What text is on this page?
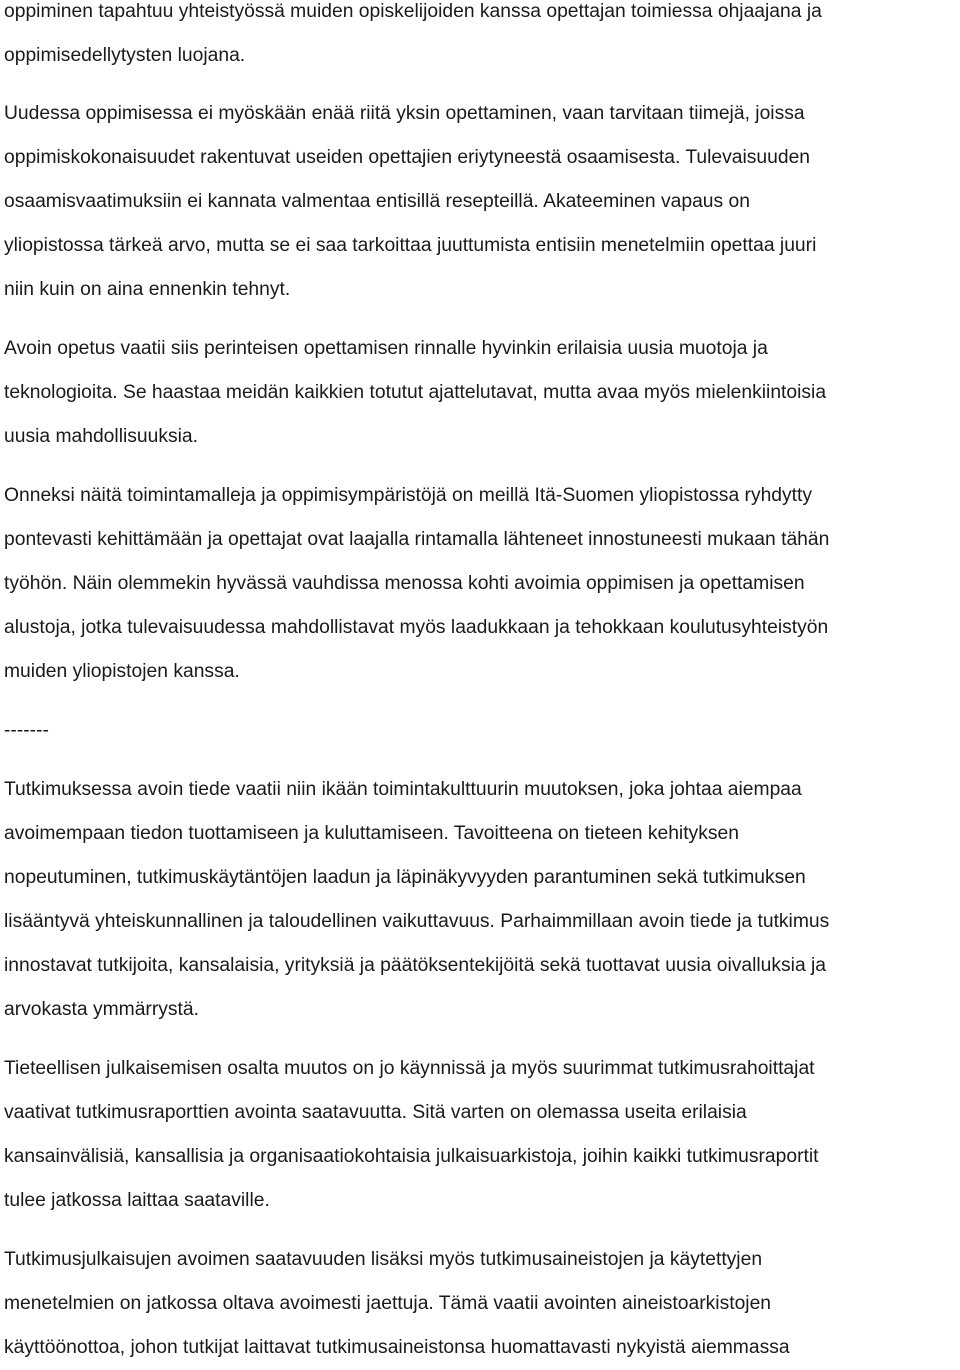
oppiminen tapahtuu yhteistyössä muiden opiskelijoiden kanssa opettajan toimiessa ohjaajana ja
oppimisedellytysten luojana.

Uudessa oppimisessa ei myöskään enää riitä yksin opettaminen, vaan tarvitaan tiimejä, joissa
oppimiskokonaisuudet rakentuvat useiden opettajien eriytyneestä osaamisesta. Tulevaisuuden
osaamisvaatimuksiin ei kannata valmentaa entisillä resepteillä. Akateeminen vapaus on
yliopistossa tärkeä arvo, mutta se ei saa tarkoittaa juuttumista entisiin menetelmiin opettaa juuri
niin kuin on aina ennenkin tehnyt.

Avoin opetus vaatii siis perinteisen opettamisen rinnalle hyvinkin erilaisia uusia muotoja ja
teknologioita. Se haastaa meidän kaikkien totutut ajattelutavat, mutta avaa myös mielenkiintoisia
uusia mahdollisuuksia.

Onneksi näitä toimintamalleja ja oppimisympäristöjä on meillä Itä-Suomen yliopistossa ryhdytty
pontevasti kehittämään ja opettajat ovat laajalla rintamalla lähteneet innostuneesti mukaan tähän
työhön. Näin olemmekin hyvässä vauhdissa menossa kohti avoimia oppimisen ja opettamisen
alustoja, jotka tulevaisuudessa mahdollistavat myös laadukkaan ja tehokkaan koulutusyhteistyön
muiden yliopistojen kanssa.

-------

Tutkimuksessa avoin tiede vaatii niin ikään toimintakulttuurin muutoksen, joka johtaa aiempaa
avoimempaan tiedon tuottamiseen ja kuluttamiseen. Tavoitteena on tieteen kehityksen
nopeutuminen, tutkimuskäytäntöjen laadun ja läpinäkyvyyden parantuminen sekä tutkimuksen
lisääntyvä yhteiskunnallinen ja taloudellinen vaikuttavuus. Parhaimmillaan avoin tiede ja tutkimus
innostavat tutkijoita, kansalaisia, yrityksiä ja päätöksentekijöitä sekä tuottavat uusia oivalluksia ja
arvokasta ymmärrystä.

Tieteellisen julkaisemisen osalta muutos on jo käynnissä ja myös suurimmat tutkimusrahoittajat
vaativat tutkimusraporttien avointa saatavuutta. Sitä varten on olemassa useita erilaisia
kansainvälisiä, kansallisia ja organisaatiokohtaisia julkaisuarkistoja, joihin kaikki tutkimusraportit
tulee jatkossa laittaa saataville.

Tutkimusjulkaisujen avoimen saatavuuden lisäksi myös tutkimusaineistojen ja käytettyjen
menetelmien on jatkossa oltava avoimesti jaettuja. Tämä vaatii avointen aineistoarkistojen
käyttöönottoa, johon tutkijat laittavat tutkimusaineistonsa huomattavasti nykyistä aiemmassa
